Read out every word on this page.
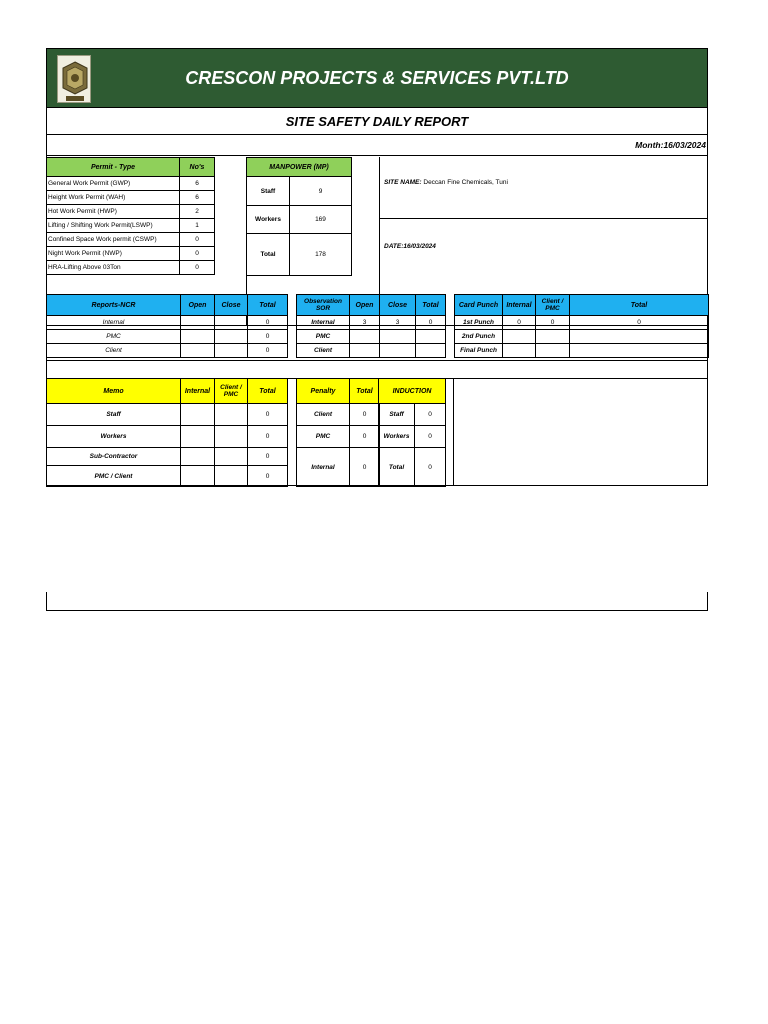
CRESCON PROJECTS & SERVICES PVT.LTD
SITE SAFETY DAILY REPORT
Month:16/03/2024
Permit - Type	No's
General Work Permit (GWP)	6
Height Work Permit (WAH)	6
Hot Work Permit (HWP)	2
Lifting / Shifting Work Permit(LSWP)	1
Confined Space Work permit (CSWP)	0
Night Work Permit (NWP)	0
HRA-Lifting Above 03Ton	0
MANPOWER (MP)	
Staff	9
Workers	169
Total	178
SITE NAME: Deccan Fine Chemicals, Tuni
DATE:16/03/2024
Reports-NCR	Open	Close	Total
Internal			0
PMC			0
Client			0
Observation SOR	Open	Close	Total
Internal	3	3	0
PMC			
Client			
Card Punch	Internal	Client / PMC	Total
1st Punch	0	0	0
2nd Punch			
Final Punch			
Memo	Internal	Client / PMC	Total
Staff			0
Workers			0
Sub-Contractor			0
PMC / Client			0
Penalty	Total
Client	0
PMC	0
Internal	0
INDUCTION	
Staff	0
Workers	0
Total	0
